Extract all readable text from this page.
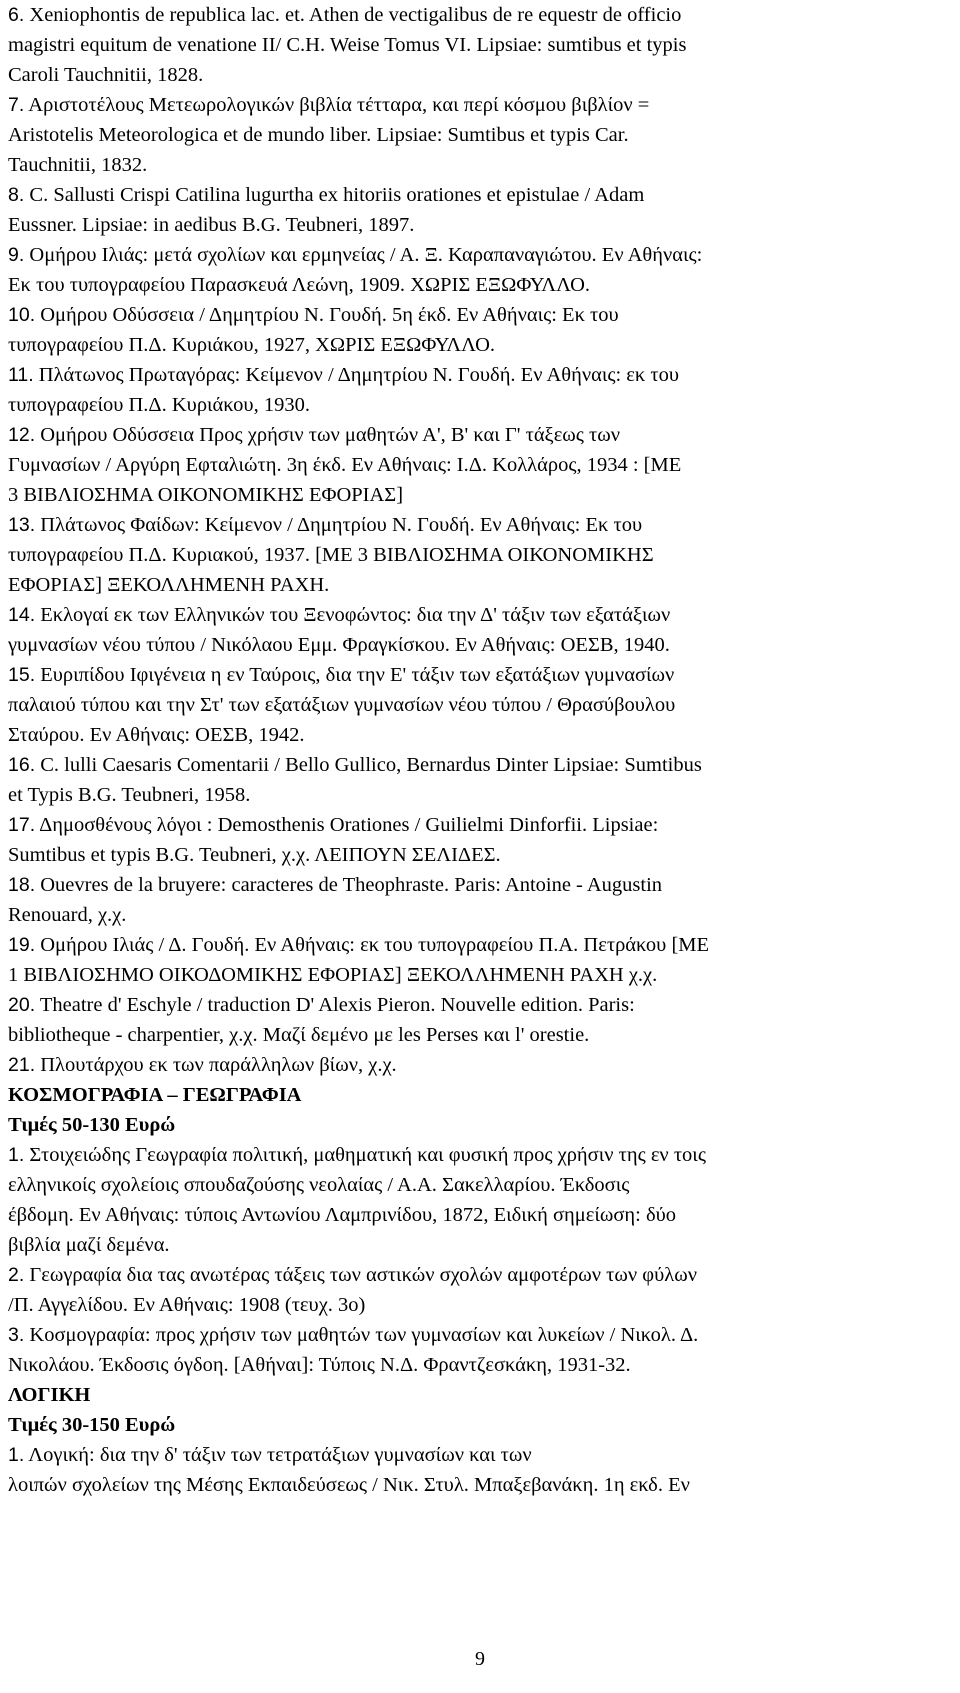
6. Xeniophontis de republica lac. et. Athen de vectigalibus de re equestr de officio
magistri equitum de venatione II/ C.H. Weise Tomus VI. Lipsiae: sumtibus et typis
Caroli Tauchnitii, 1828.
7. Αριστοτέλους Μετεωρολογικών βιβλία τέτταρα, και περί κόσμου βιβλίον =
Aristotelis Meteorologica et de mundo liber. Lipsiae: Sumtibus et typis Car.
Tauchnitii, 1832.
8. C. Sallusti Crispi Catilina lugurtha ex hitoriis orationes et epistulae / Adam
Eussner. Lipsiae: in aedibus B.G. Teubneri, 1897.
9. Ομήρου Ιλιάς: μετά σχολίων και ερμηνείας / Α. Ξ. Καραπαναγιώτου. Εν Αθήναις:
Εκ του τυπογραφείου Παρασκευά Λεώνη, 1909. ΧΩΡΙΣ ΕΞΩΦΥΛΛΟ.
10. Ομήρου Οδύσσεια / Δημητρίου Ν. Γουδή. 5η έκδ. Εν Αθήναις: Εκ του
τυπογραφείου Π.Δ. Κυριάκου, 1927, ΧΩΡΙΣ ΕΞΩΦΥΛΛΟ.
11. Πλάτωνος Πρωταγόρας: Κείμενον / Δημητρίου Ν. Γουδή. Εν Αθήναις: εκ του
τυπογραφείου Π.Δ. Κυριάκου, 1930.
12. Ομήρου Οδύσσεια Προς χρήσιν των μαθητών Α', Β' και Γ' τάξεως των
Γυμνασίων / Αργύρη Εφταλιώτη. 3η έκδ. Εν Αθήναις: Ι.Δ. Κολλάρος, 1934 : [ΜΕ
3 ΒΙΒΛΙΟΣΗΜΑ ΟΙΚΟΝΟΜΙΚΗΣ ΕΦΟΡΙΑΣ]
13. Πλάτωνος Φαίδων: Κείμενον / Δημητρίου Ν. Γουδή. Εν Αθήναις: Εκ του
τυπογραφείου Π.Δ. Κυριακού, 1937. [ΜΕ 3 ΒΙΒΛΙΟΣΗΜΑ ΟΙΚΟΝΟΜΙΚΗΣ
ΕΦΟΡΙΑΣ] ΞΕΚΟΛΛΗΜΕΝΗ ΡΑΧΗ.
14. Εκλογαί εκ των Ελληνικών του Ξενοφώντος: δια την Δ' τάξιν των εξατάξιων
γυμνασίων νέου τύπου / Νικόλαου Εμμ. Φραγκίσκου. Εν Αθήναις: ΟΕΣΒ, 1940.
15. Ευριπίδου Ιφιγένεια η εν Ταύροις, δια την Ε' τάξιν των εξατάξιων γυμνασίων
παλαιού τύπου και την Στ' των εξατάξιων γυμνασίων νέου τύπου / Θρασύβουλου
Σταύρου. Εν Αθήναις: ΟΕΣΒ, 1942.
16. C. lulli Caesaris Comentarii / Bello Gullico, Bernardus Dinter Lipsiae: Sumtibus
et Typis B.G. Teubneri, 1958.
17. Δημοσθένους λόγοι : Demosthenis Orationes / Guilielmi Dinforfii. Lipsiae:
Sumtibus et typis B.G. Teubneri, χ.χ. ΛΕΙΠΟΥΝ ΣΕΛΙΔΕΣ.
18. Ouevres de la bruyere: caracteres de Theophraste. Paris: Antoine - Augustin
Renouard, χ.χ.
19. Ομήρου Ιλιάς / Δ. Γουδή. Εν Αθήναις: εκ του τυπογραφείου Π.Α. Πετράκου [ΜΕ
1 ΒΙΒΛΙΟΣΗΜΟ ΟΙΚΟΔΟΜΙΚΗΣ ΕΦΟΡΙΑΣ] ΞΕΚΟΛΛΗΜΕΝΗ ΡΑΧΗ χ.χ.
20. Theatre d' Eschyle / traduction D' Alexis Pieron. Nouvelle edition. Paris:
bibliotheque - charpentier, χ.χ. Μαζί δεμένο με les Perses και l' orestie.
21. Πλουτάρχου εκ των παράλληλων βίων, χ.χ.
ΚΟΣΜΟΓΡΑΦΙΑ – ΓΕΩΓΡΑΦΙΑ
Τιμές 50-130 Ευρώ
1. Στοιχειώδης Γεωγραφία πολιτική, μαθηματική και φυσική προς χρήσιν της εν τοις
ελληνικοίς σχολείοις σπουδαζούσης νεολαίας / Α.Α. Σακελλαρίου. Έκδοσις
έβδομη. Εν Αθήναις: τύποις Αντωνίου Λαμπρινίδου, 1872, Ειδική σημείωση: δύο
βιβλία μαζί δεμένα.
2. Γεωγραφία δια τας ανωτέρας τάξεις των αστικών σχολών αμφοτέρων των φύλων
/Π. Αγγελίδου. Εν Αθήναις: 1908 (τευχ. 3ο)
3. Κοσμογραφία: προς χρήσιν των μαθητών των γυμνασίων και λυκείων / Νικολ. Δ.
Νικολάου. Έκδοσις όγδοη. [Αθήναι]: Τύποις Ν.Δ. Φραντζεσκάκη, 1931-32.
ΛΟΓΙΚΗ
Τιμές 30-150 Ευρώ
1. Λογική: δια την δ' τάξιν των τετρατάξιων γυμνασίων και των
λοιπών σχολείων της Μέσης Εκπαιδεύσεως / Νικ. Στυλ. Μπαξεβανάκη. 1η εκδ. Εν
9
